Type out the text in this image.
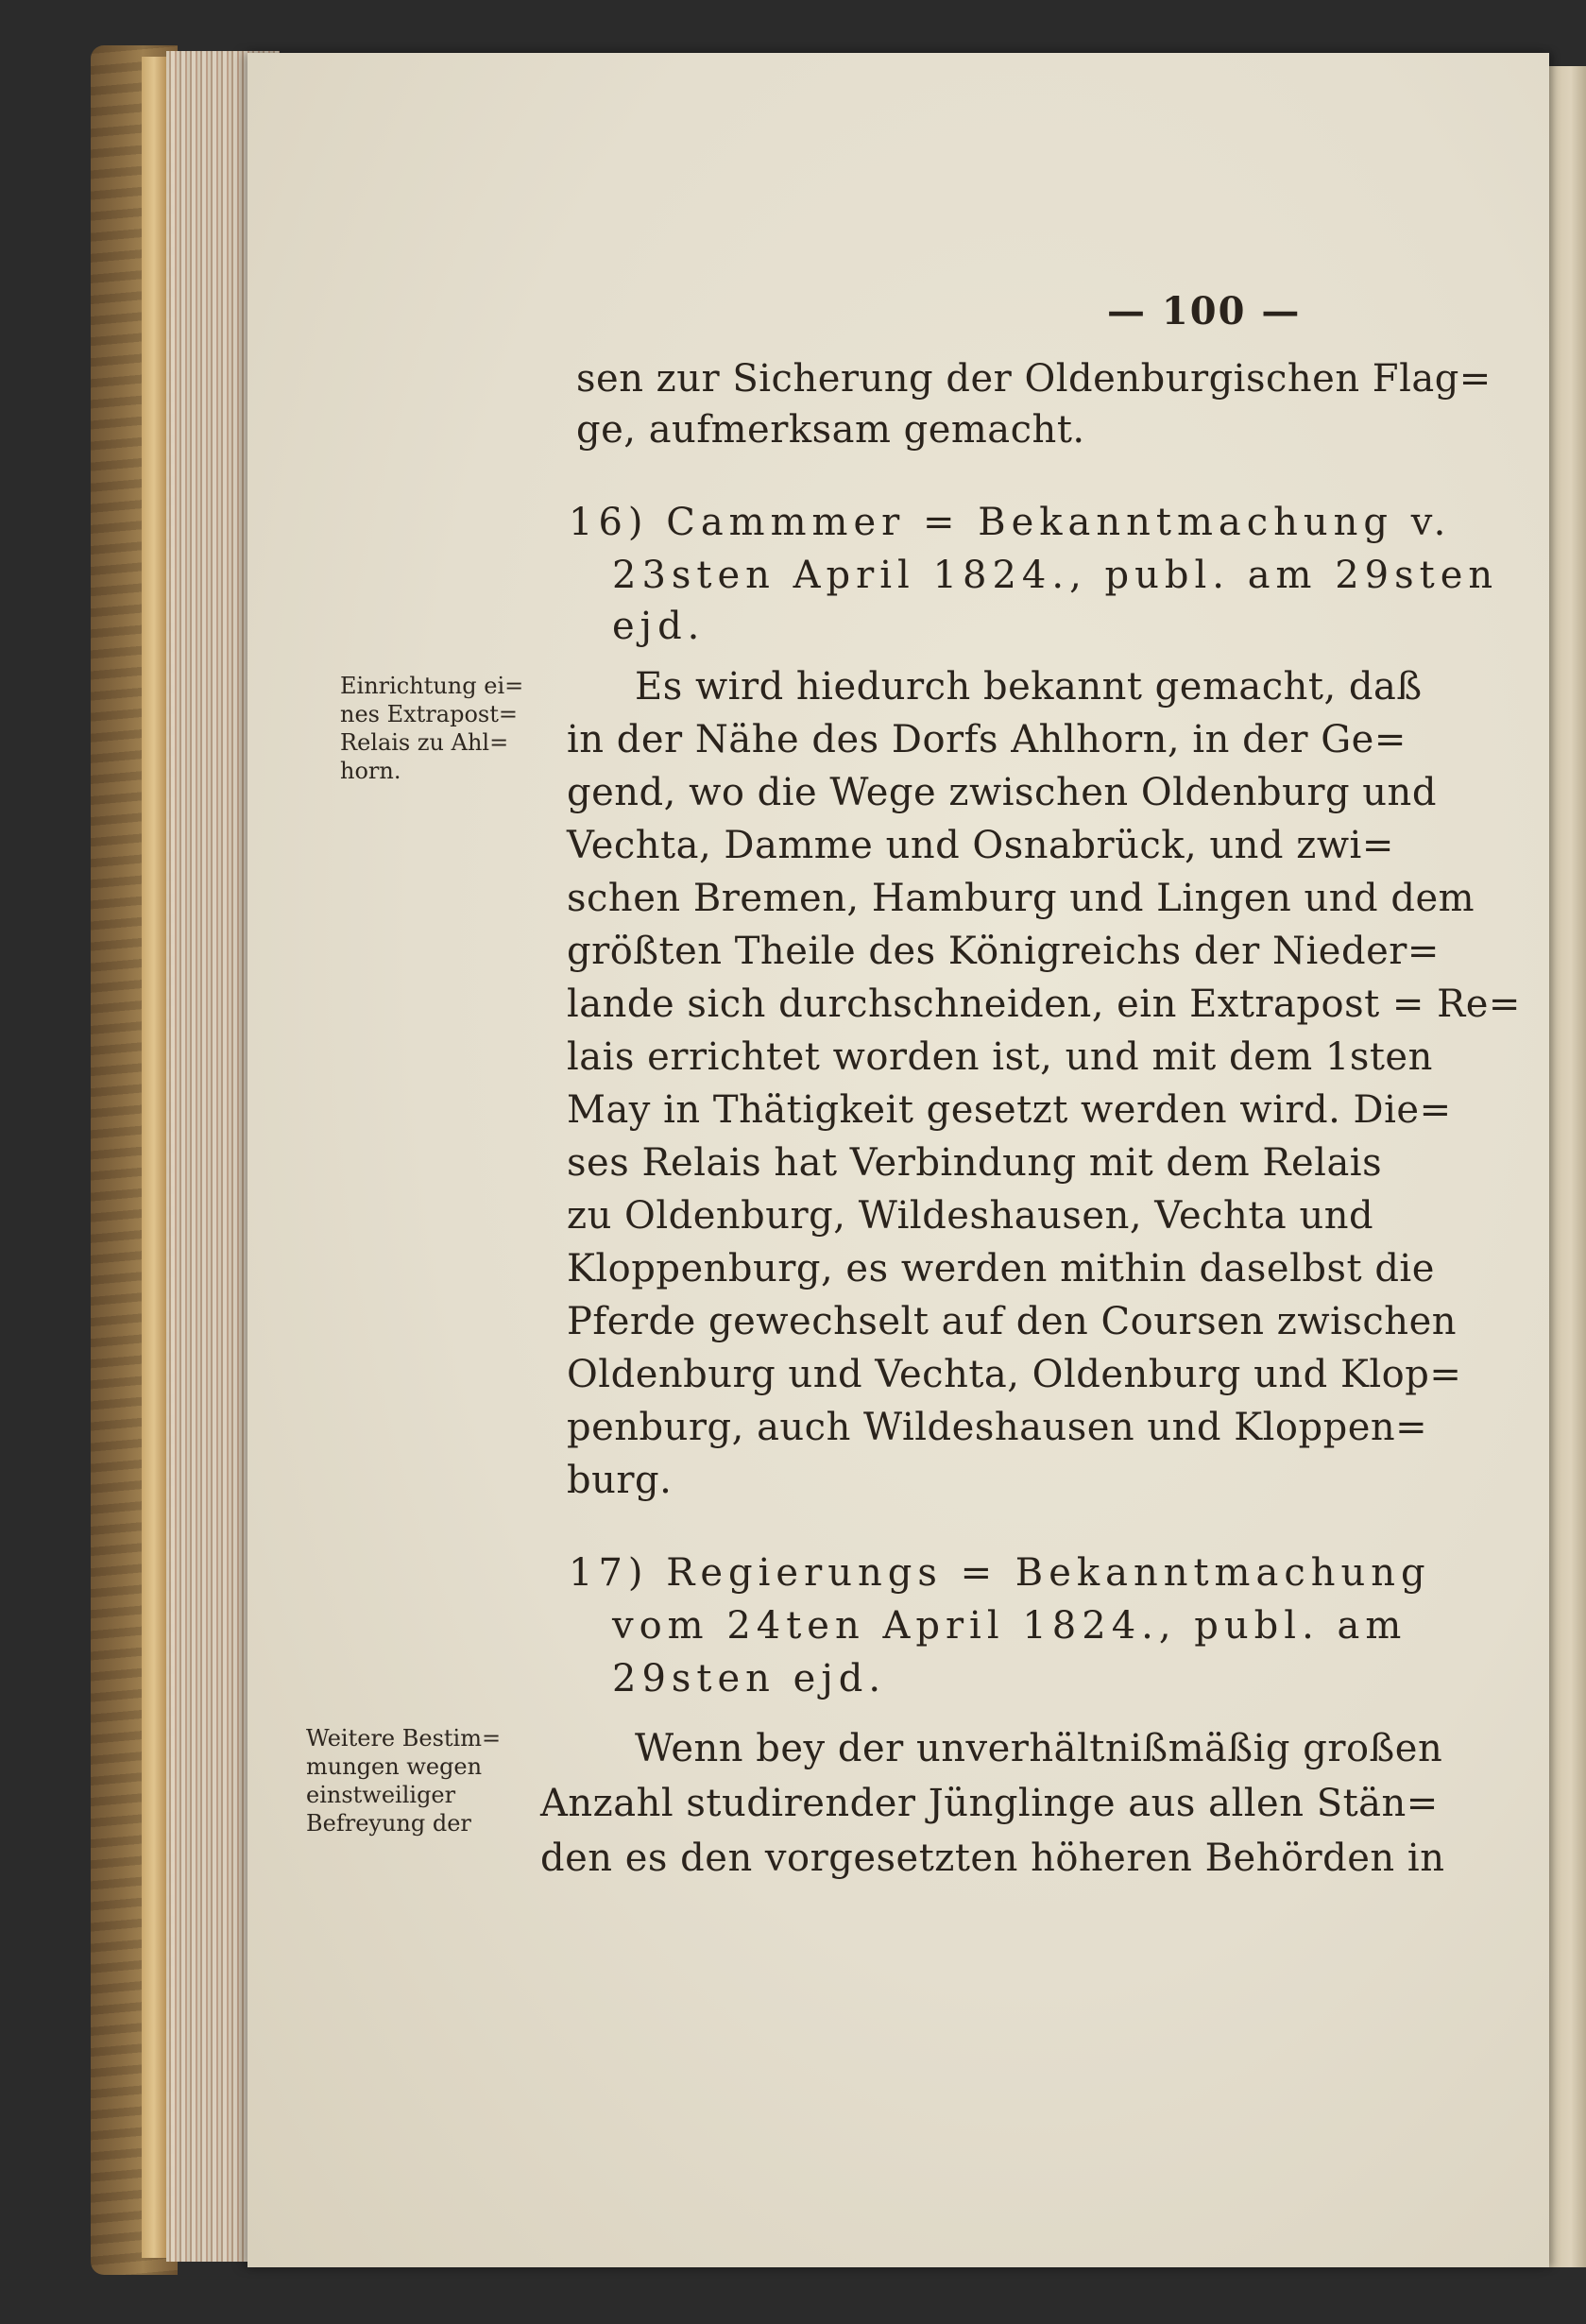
— 100 —
sen zur Sicherung der Oldenburgischen Flag=
ge, aufmerksam gemacht.
16) Cammmer = Bekanntmachung v.
23sten April 1824., publ. am 29sten
ejd.
Einrichtung ei=
nes Extrapost=
Relais zu Ahl=
horn.
Es wird hiedurch bekannt gemacht, daß
in der Nähe des Dorfs Ahlhorn, in der Ge=
gend, wo die Wege zwischen Oldenburg und
Vechta, Damme und Osnabrück, und zwi=
schen Bremen, Hamburg und Lingen und dem
größten Theile des Königreichs der Nieder=
lande sich durchschneiden, ein Extrapost = Re=
lais errichtet worden ist, und mit dem 1sten
May in Thätigkeit gesetzt werden wird. Die=
ses Relais hat Verbindung mit dem Relais
zu Oldenburg, Wildeshausen, Vechta und
Kloppenburg, es werden mithin daselbst die
Pferde gewechselt auf den Coursen zwischen
Oldenburg und Vechta, Oldenburg und Klop=
penburg, auch Wildeshausen und Kloppen=
burg.
17) Regierungs = Bekanntmachung
vom 24ten April 1824., publ. am
29sten ejd.
Weitere Bestim=
mungen wegen
einstweiliger
Befreyung der
Wenn bey der unverhältnißmäßig großen
Anzahl studirender Jünglinge aus allen Stän=
den es den vorgesetzten höheren Behörden in
